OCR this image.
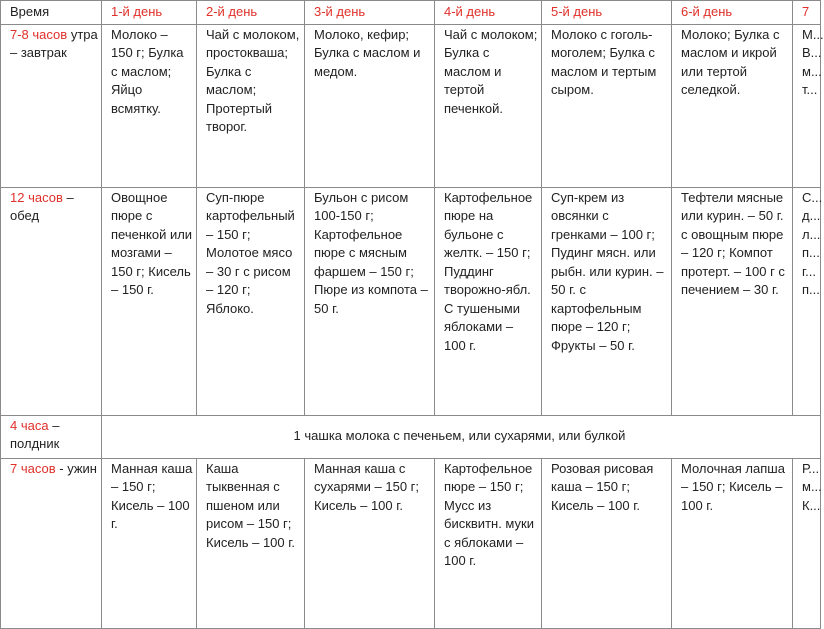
Время	1-й день	2-й день	3-й день	4-й день	5-й день	6-й день	7
7-8 часов утра – завтрак	Молоко – 150 г; Булка с маслом; Яйцо всмятку.	Чай с молоком, простокваша; Булка с маслом; Протертый творог.	Молоко, кефир; Булка с маслом и медом.	Чай с молоком; Булка с маслом и тертой печенкой.	Молоко с гоголь-моголем; Булка с маслом и тертым сыром.	Молоко; Булка с маслом и икрой или тертой селедкой.	М... В... м... т...
12 часов – обед	Овощное пюре с печенкой или мозгами – 150 г; Кисель – 150 г.	Суп-пюре картофельный – 150 г; Молотое мясо – 30 г с рисом – 120 г; Яблоко.	Бульон с рисом 100-150 г; Картофельное пюре с мясным фаршем – 150 г; Пюре из компота – 50 г.	Картофельное пюре на бульоне с желтк. – 150 г; Пуддинг творожно-ябл. С тушеными яблоками – 100 г.	Суп-крем из овсянки с гренками – 100 г; Пудинг мясн. или рыбн. или курин. – 50 г. с картофельным пюре – 120 г; Фрукты – 50 г.	Тефтели мясные или курин. – 50 г. с овощным пюре – 120 г; Компот протерт. – 100 г с печением – 30 г.	С... д... л... п... г... п...
4 часа – полдник	1 чашка молока с печеньем, или сухарями, или булкой						
7 часов - ужин	Манная каша – 150 г; Кисель – 100 г.	Каша тыквенная с пшеном или рисом – 150 г; Кисель – 100 г.	Манная каша с сухарями – 150 г; Кисель – 100 г.	Картофельное пюре – 150 г; Мусс из бисквитн. муки с яблоками – 100 г.	Розовая рисовая каша – 150 г; Кисель – 100 г.	Молочная лапша – 150 г; Кисель – 100 г.	Р... м... К...
